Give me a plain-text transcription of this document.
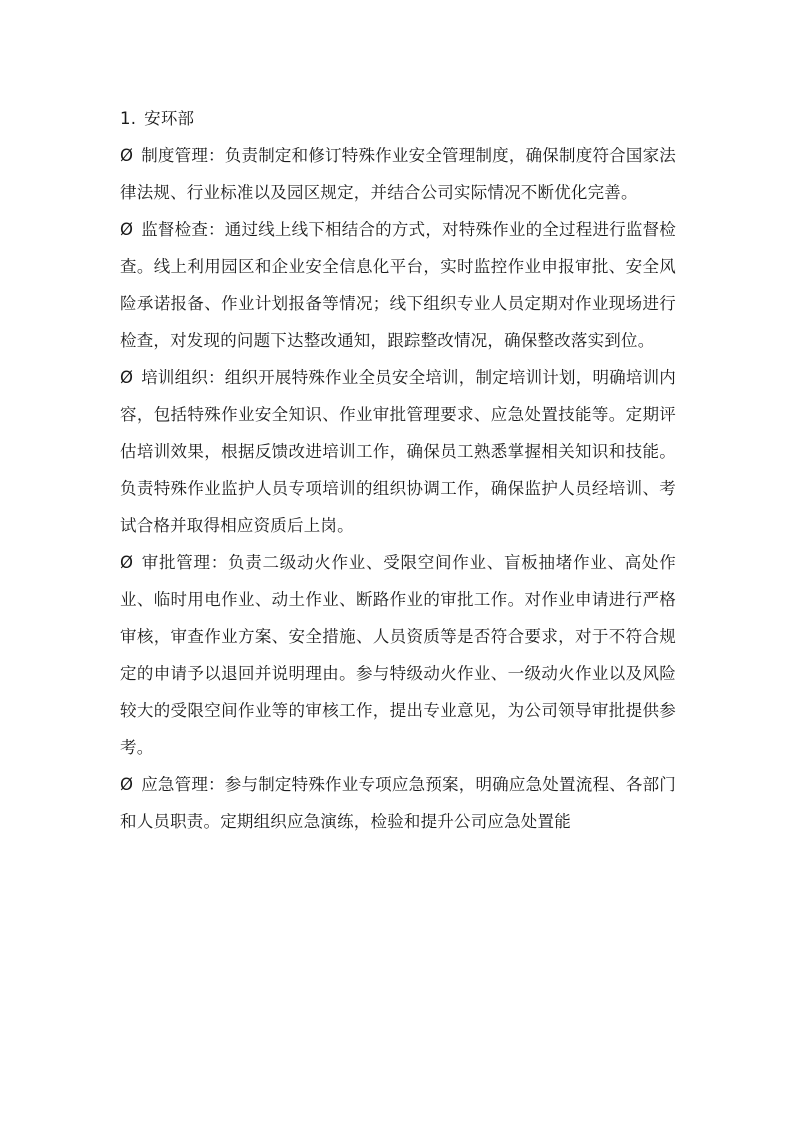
1. 安环部

Ø 制度管理：负责制定和修订特殊作业安全管理制度，确保制度符合国家法律法规、行业标准以及园区规定，并结合公司实际情况不断优化完善。

Ø 监督检查：通过线上线下相结合的方式，对特殊作业的全过程进行监督检查。线上利用园区和企业安全信息化平台，实时监控作业申报审批、安全风险承诺报备、作业计划报备等情况；线下组织专业人员定期对作业现场进行检查，对发现的问题下达整改通知，跟踪整改情况，确保整改落实到位。

Ø 培训组织：组织开展特殊作业全员安全培训，制定培训计划，明确培训内容，包括特殊作业安全知识、作业审批管理要求、应急处置技能等。定期评估培训效果，根据反馈改进培训工作，确保员工熟悉掌握相关知识和技能。负责特殊作业监护人员专项培训的组织协调工作，确保监护人员经培训、考试合格并取得相应资质后上岗。

Ø 审批管理：负责二级动火作业、受限空间作业、盲板抽堵作业、高处作业、临时用电作业、动土作业、断路作业的审批工作。对作业申请进行严格审核，审查作业方案、安全措施、人员资质等是否符合要求，对于不符合规定的申请予以退回并说明理由。参与特级动火作业、一级动火作业以及风险较大的受限空间作业等的审核工作，提出专业意见，为公司领导审批提供参考。

Ø 应急管理：参与制定特殊作业专项应急预案，明确应急处置流程、各部门和人员职责。定期组织应急演练，检验和提升公司应急处置能
